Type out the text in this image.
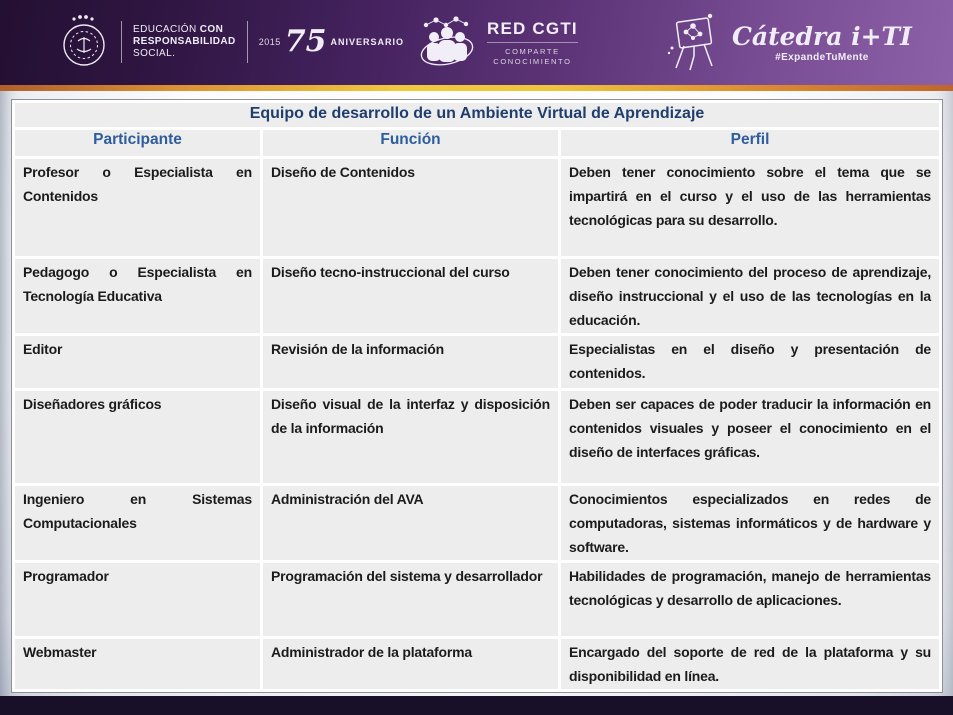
EDUCACIÓN CON
RESPONSABILIDAD
SOCIAL.
2015 75 ANIVERSARIO
RED CGTI
COMPARTE
CONOCIMIENTO
Cátedra i+TI
#ExpandeTuMente
Equipo de desarrollo de un Ambiente Virtual de Aprendizaje		
Participante	Función	Perfil
Profesor o Especialista en Contenidos	Diseño de Contenidos	Deben tener conocimiento sobre el tema que se impartirá en el curso y el uso de las herramientas tecnológicas para su desarrollo.
Pedagogo o Especialista en Tecnología Educativa	Diseño tecno-instruccional del curso	Deben tener conocimiento del proceso de aprendizaje, diseño instruccional y el uso de las tecnologías en la educación.
Editor	Revisión de la información	Especialistas en el diseño y presentación de contenidos.
Diseñadores gráficos	Diseño visual de la interfaz y disposición de la información	Deben ser capaces de poder traducir la información en contenidos visuales y poseer el conocimiento en el diseño de interfaces gráficas.
Ingeniero en Sistemas Computacionales	Administración del AVA	Conocimientos especializados en redes de computadoras, sistemas informáticos y de hardware y software.
Programador	Programación del sistema y desarrollador	Habilidades de programación, manejo de herramientas tecnológicas y desarrollo de aplicaciones.
Webmaster	Administrador de la plataforma	Encargado del soporte de red de la plataforma y su disponibilidad en línea.
